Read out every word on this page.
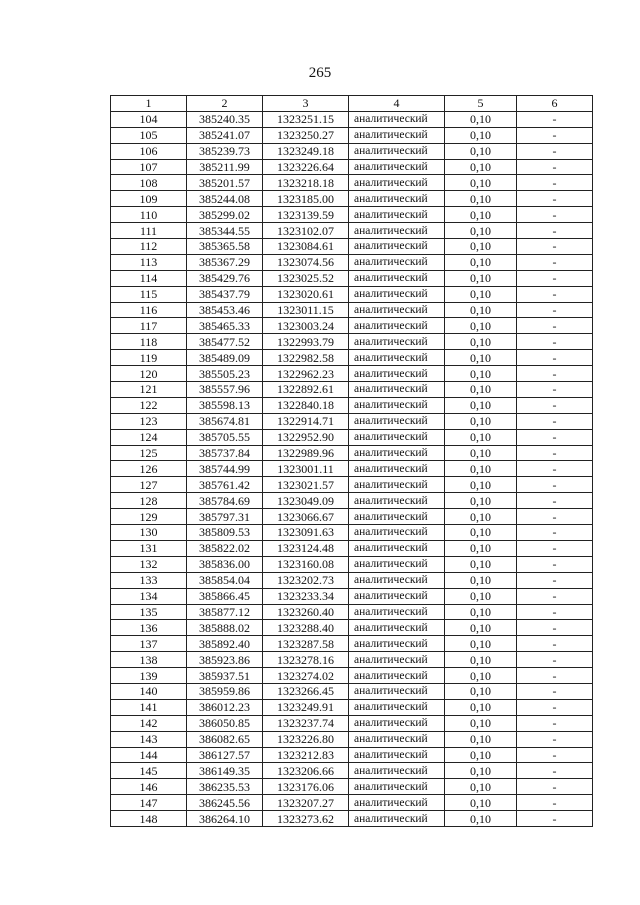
265
1	2	3	4	5	6
104	385240.35	1323251.15	аналитический	0,10	-
105	385241.07	1323250.27	аналитический	0,10	-
106	385239.73	1323249.18	аналитический	0,10	-
107	385211.99	1323226.64	аналитический	0,10	-
108	385201.57	1323218.18	аналитический	0,10	-
109	385244.08	1323185.00	аналитический	0,10	-
110	385299.02	1323139.59	аналитический	0,10	-
111	385344.55	1323102.07	аналитический	0,10	-
112	385365.58	1323084.61	аналитический	0,10	-
113	385367.29	1323074.56	аналитический	0,10	-
114	385429.76	1323025.52	аналитический	0,10	-
115	385437.79	1323020.61	аналитический	0,10	-
116	385453.46	1323011.15	аналитический	0,10	-
117	385465.33	1323003.24	аналитический	0,10	-
118	385477.52	1322993.79	аналитический	0,10	-
119	385489.09	1322982.58	аналитический	0,10	-
120	385505.23	1322962.23	аналитический	0,10	-
121	385557.96	1322892.61	аналитический	0,10	-
122	385598.13	1322840.18	аналитический	0,10	-
123	385674.81	1322914.71	аналитический	0,10	-
124	385705.55	1322952.90	аналитический	0,10	-
125	385737.84	1322989.96	аналитический	0,10	-
126	385744.99	1323001.11	аналитический	0,10	-
127	385761.42	1323021.57	аналитический	0,10	-
128	385784.69	1323049.09	аналитический	0,10	-
129	385797.31	1323066.67	аналитический	0,10	-
130	385809.53	1323091.63	аналитический	0,10	-
131	385822.02	1323124.48	аналитический	0,10	-
132	385836.00	1323160.08	аналитический	0,10	-
133	385854.04	1323202.73	аналитический	0,10	-
134	385866.45	1323233.34	аналитический	0,10	-
135	385877.12	1323260.40	аналитический	0,10	-
136	385888.02	1323288.40	аналитический	0,10	-
137	385892.40	1323287.58	аналитический	0,10	-
138	385923.86	1323278.16	аналитический	0,10	-
139	385937.51	1323274.02	аналитический	0,10	-
140	385959.86	1323266.45	аналитический	0,10	-
141	386012.23	1323249.91	аналитический	0,10	-
142	386050.85	1323237.74	аналитический	0,10	-
143	386082.65	1323226.80	аналитический	0,10	-
144	386127.57	1323212.83	аналитический	0,10	-
145	386149.35	1323206.66	аналитический	0,10	-
146	386235.53	1323176.06	аналитический	0,10	-
147	386245.56	1323207.27	аналитический	0,10	-
148	386264.10	1323273.62	аналитический	0,10	-
